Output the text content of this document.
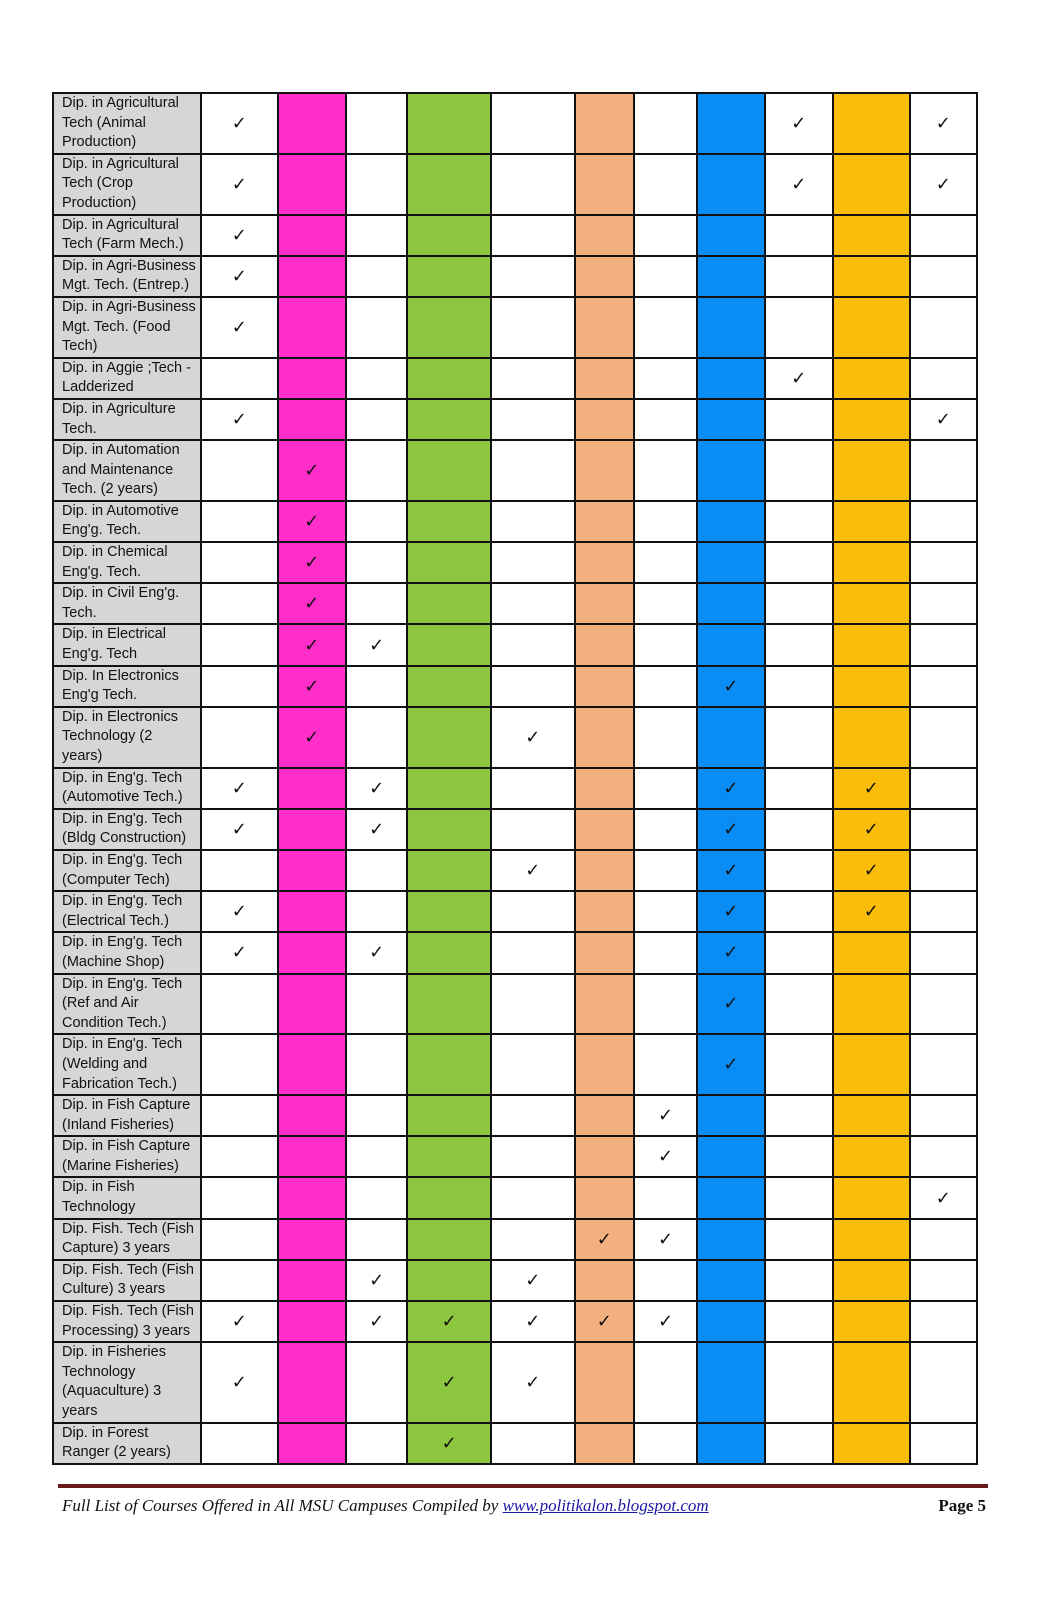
Dip. in Agricultural Tech (Animal Production)	✓								✓		✓
Dip. in Agricultural Tech (Crop Production)	✓								✓		✓
Dip. in Agricultural Tech (Farm Mech.)	✓										
Dip. in Agri-Business Mgt. Tech. (Entrep.)	✓										
Dip. in Agri-Business Mgt. Tech. (Food Tech)	✓										
Dip. in Aggie ;Tech - Ladderized									✓		
Dip. in Agriculture Tech.	✓										✓
Dip. in Automation and Maintenance Tech. (2 years)		✓									
Dip. in Automotive Eng'g. Tech.		✓									
Dip. in Chemical Eng'g. Tech.		✓									
Dip. in Civil Eng'g. Tech.		✓									
Dip. in Electrical Eng'g. Tech		✓	✓								
Dip. In Electronics Eng'g Tech.		✓						✓			
Dip. in Electronics Technology (2 years)		✓			✓						
Dip. in Eng'g. Tech (Automotive Tech.)	✓		✓					✓		✓	
Dip. in Eng'g. Tech (Bldg Construction)	✓		✓					✓		✓	
Dip. in Eng'g. Tech (Computer Tech)					✓			✓		✓	
Dip. in Eng'g. Tech (Electrical Tech.)	✓							✓		✓	
Dip. in Eng'g. Tech (Machine Shop)	✓		✓					✓			
Dip. in Eng'g. Tech (Ref and Air Condition Tech.)								✓			
Dip. in Eng'g. Tech (Welding and Fabrication Tech.)								✓			
Dip. in Fish Capture (Inland Fisheries)							✓				
Dip. in Fish Capture (Marine Fisheries)							✓				
Dip. in Fish Technology											✓
Dip. Fish. Tech (Fish Capture) 3 years						✓	✓				
Dip. Fish. Tech (Fish Culture) 3 years			✓		✓						
Dip. Fish. Tech (Fish Processing) 3 years	✓		✓	✓	✓	✓	✓				
Dip. in Fisheries Technology (Aquaculture) 3 years	✓			✓	✓						
Dip. in Forest Ranger (2 years)				✓							
Full List of Courses Offered in All MSU Campuses Compiled by www.politikalon.blogspot.com	Page 5
